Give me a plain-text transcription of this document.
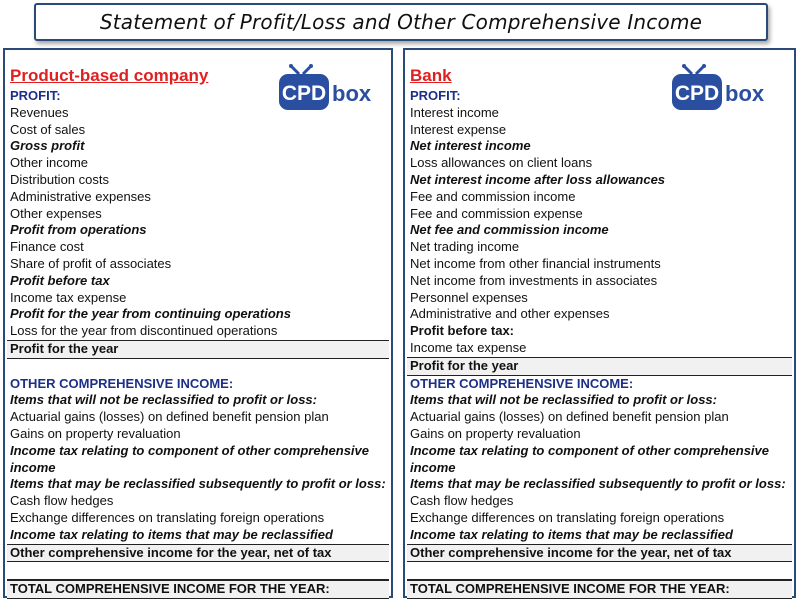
Statement of Profit/Loss and Other Comprehensive Income
CPD box
Product-based company
PROFIT:
Revenues
Cost of sales
Gross profit
Other income
Distribution costs
Administrative expenses
Other expenses
Profit from operations
Finance cost
Share of profit of associates
Profit before tax
Income tax expense
Profit for the year from continuing operations
Loss for the year from discontinued operations
Profit for the year
OTHER COMPREHENSIVE INCOME:
Items that will not be reclassified to profit or loss:
Actuarial gains (losses) on defined benefit pension plan
Gains on property revaluation
Income tax relating to component of other comprehensive income
Items that may be reclassified subsequently to profit or loss:
Cash flow hedges
Exchange differences on translating foreign operations
Income tax relating to items that may be reclassified
Other comprehensive income for the year, net of tax
TOTAL COMPREHENSIVE INCOME FOR THE YEAR:
CPD box
Bank
PROFIT:
Interest income
Interest expense
Net interest income
Loss allowances on client loans
Net interest income after loss allowances
Fee and commission income
Fee and commission expense
Net fee and commission income
Net trading income
Net income from other financial instruments
Net income from investments in associates
Personnel expenses
Administrative and other expenses
Profit before tax:
Income tax expense
Profit for the year
OTHER COMPREHENSIVE INCOME:
Items that will not be reclassified to profit or loss:
Actuarial gains (losses) on defined benefit pension plan
Gains on property revaluation
Income tax relating to component of other comprehensive income
Items that may be reclassified subsequently to profit or loss:
Cash flow hedges
Exchange differences on translating foreign operations
Income tax relating to items that may be reclassified
Other comprehensive income for the year, net of tax
TOTAL COMPREHENSIVE INCOME FOR THE YEAR:
